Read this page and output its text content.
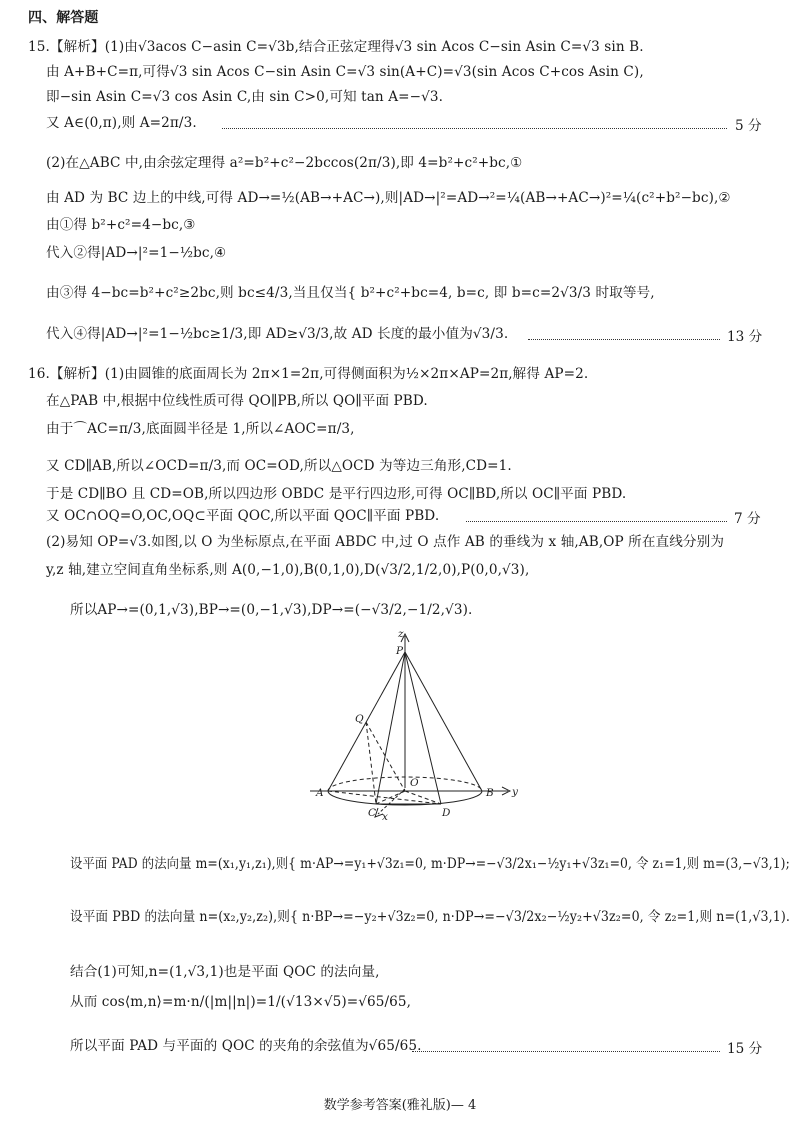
四、解答题
15.【解析】(1)由√3acos C−asin C=√3b,结合正弦定理得√3 sin Acos C−sin Asin C=√3 sin B.
由 A+B+C=π,可得√3 sin Acos C−sin Asin C=√3 sin(A+C)=√3(sin Acos C+cos Asin C),
即−sin Asin C=√3 cos Asin C,由 sin C>0,可知 tan A=−√3.
又 A∈(0,π),则 A=2π/3.	5 分
(2)在△ABC 中,由余弦定理得 a²=b²+c²−2bccos(2π/3),即 4=b²+c²+bc,①
由 AD 为 BC 边上的中线,可得 AD→=½(AB→+AC→),则|AD→|²=AD→²=¼(AB→+AC→)²=¼(c²+b²−bc),②
由①得 b²+c²=4−bc,③
代入②得|AD→|²=1−½bc,④
由③得 4−bc=b²+c²≥2bc,则 bc≤4/3,当且仅当{ b²+c²+bc=4, b=c, 即 b=c=2√3/3 时取等号,
代入④得|AD→|²=1−½bc≥1/3,即 AD≥√3/3,故 AD 长度的最小值为√3/3.	13 分
16.【解析】(1)由圆锥的底面周长为 2π×1=2π,可得侧面积为½×2π×AP=2π,解得 AP=2.
在△PAB 中,根据中位线性质可得 QO∥PB,所以 QO∥平面 PBD.
由于⌒AC=π/3,底面圆半径是 1,所以∠AOC=π/3,
又 CD∥AB,所以∠OCD=π/3,而 OC=OD,所以△OCD 为等边三角形,CD=1.
于是 CD∥BO 且 CD=OB,所以四边形 OBDC 是平行四边形,可得 OC∥BD,所以 OC∥平面 PBD.
又 OC∩OQ=O,OC,OQ⊂平面 QOC,所以平面 QOC∥平面 PBD.	7 分
(2)易知 OP=√3.如图,以 O 为坐标原点,在平面 ABDC 中,过 O 点作 AB 的垂线为 x 轴,AB,OP 所在直线分别为
y,z 轴,建立空间直角坐标系,则 A(0,−1,0),B(0,1,0),D(√3/2,1/2,0),P(0,0,√3),
所以AP→=(0,1,√3),BP→=(0,−1,√3),DP→=(−√3/2,−1/2,√3).
z
P
Q
O
A	B y
C	D
x
设平面 PAD 的法向量 m=(x₁,y₁,z₁),则{ m·AP→=y₁+√3z₁=0, m·DP→=−√3/2x₁−½y₁+√3z₁=0, 令 z₁=1,则 m=(3,−√3,1);
设平面 PBD 的法向量 n=(x₂,y₂,z₂),则{ n·BP→=−y₂+√3z₂=0, n·DP→=−√3/2x₂−½y₂+√3z₂=0, 令 z₂=1,则 n=(1,√3,1).
结合(1)可知,n=(1,√3,1)也是平面 QOC 的法向量,
从而 cos⟨m,n⟩=m·n/(|m||n|)=1/(√13×√5)=√65/65,
所以平面 PAD 与平面的 QOC 的夹角的余弦值为√65/65.	15 分
数学参考答案(雅礼版)— 4
